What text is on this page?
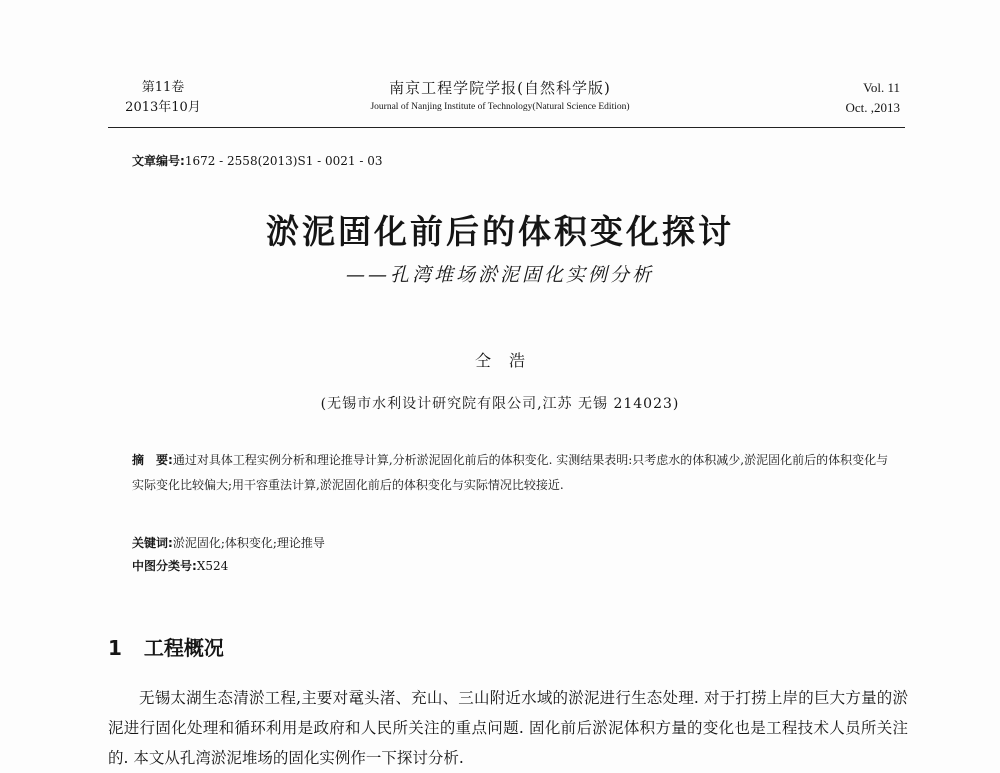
第11卷
2013年10月
南京工程学院学报(自然科学版)
Journal of Nanjing Institute of Technology(Natural Science Edition)
Vol. 11
Oct. ,2013
文章编号:1672 - 2558(2013)S1 - 0021 - 03
淤泥固化前后的体积变化探讨
——孔湾堆场淤泥固化实例分析
仝浩
(无锡市水利设计研究院有限公司,江苏 无锡 214023)
摘　要:通过对具体工程实例分析和理论推导计算,分析淤泥固化前后的体积变化. 实测结果表明:只考虑水的体积减少,淤泥固化前后的体积变化与实际变化比较偏大;用干容重法计算,淤泥固化前后的体积变化与实际情况比较接近.
关键词:淤泥固化;体积变化;理论推导
中图分类号:X524
1 工程概况
无锡太湖生态清淤工程,主要对鼋头渚、充山、三山附近水域的淤泥进行生态处理. 对于打捞上岸的巨大方量的淤泥进行固化处理和循环利用是政府和人民所关注的重点问题. 固化前后淤泥体积方量的变化也是工程技术人员所关注的. 本文从孔湾淤泥堆场的固化实例作一下探讨分析.
